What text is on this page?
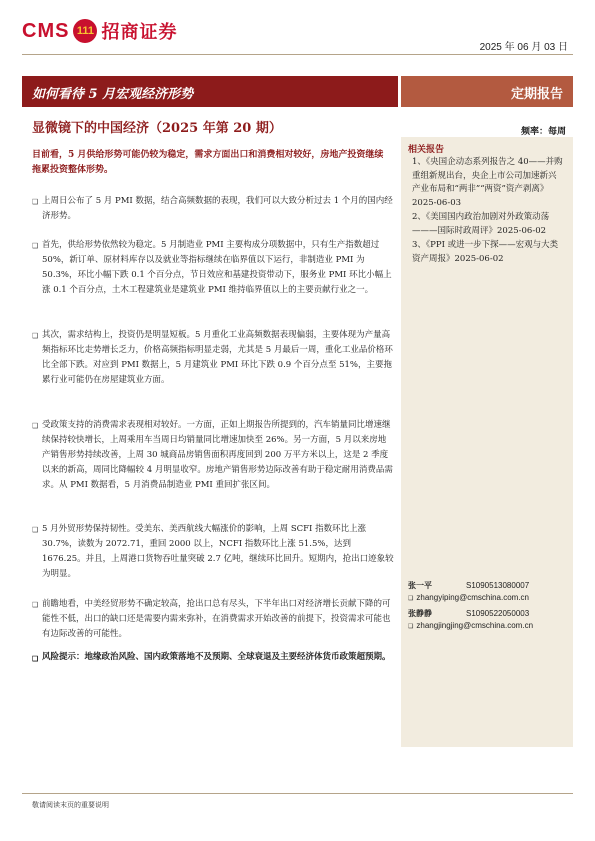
CMS 111 招商证券
2025 年 06 月 03 日
如何看待 5 月宏观经济形势	定期报告
显微镜下的中国经济（2025 年第 20 期）	频率：每周
目前看，5 月供给形势可能仍较为稳定，需求方面出口和消费相对较好，房地产投资继续拖累投资整体形势。
❑ 上周日公布了 5 月 PMI 数据，结合高频数据的表现，我们可以大致分析过去 1 个月的国内经济形势。
❑ 首先，供给形势依然较为稳定。5 月制造业 PMI 主要构成分项数据中，只有生产指数超过 50%，新订单、原材料库存以及就业等指标继续在临界值以下运行，非制造业 PMI 为 50.3%，环比小幅下跌 0.1 个百分点，节日效应和基建投资带动下，服务业 PMI 环比小幅上涨 0.1 个百分点，土木工程建筑业是建筑业 PMI 维持临界值以上的主要贡献行业之一。
❑ 其次，需求结构上，投资仍是明显短板。5 月重化工业高频数据表现偏弱，主要体现为产量高频指标环比走势增长乏力，价格高频指标明显走弱，尤其是 5 月最后一周，重化工业品价格环比全部下跌。对应到 PMI 数据上，5 月建筑业 PMI 环比下跌 0.9 个百分点至 51%，主要拖累行业可能仍在房屋建筑业方面。
❑ 受政策支持的消费需求表现相对较好。一方面，正如上期报告所提到的，汽车销量同比增速继续保持较快增长，上周乘用车当周日均销量同比增速加快至 26%。另一方面，5 月以来房地产销售形势持续改善，上周 30 城商品房销售面积再度回到 200 万平方米以上，这是 2 季度以来的新高，周同比降幅较 4 月明显收窄。房地产销售形势边际改善有助于稳定耐用消费品需求。从 PMI 数据看，5 月消费品制造业 PMI 重回扩张区间。
❑ 5 月外贸形势保持韧性。受美东、美西航线大幅涨价的影响，上周 SCFI 指数环比上涨 30.7%，读数为 2072.71，重回 2000 以上，NCFI 指数环比上涨 51.5%，达到 1676.25。并且，上周港口货物吞吐量突破 2.7 亿吨，继续环比回升。短期内，抢出口迹象较为明显。
❑ 前瞻地看，中美经贸形势不确定较高，抢出口总有尽头，下半年出口对经济增长贡献下降的可能性不低，出口的缺口还是需要内需来弥补，在消费需求开始改善的前提下，投资需求可能也有边际改善的可能性。
❑ 风险提示：地缘政治风险、国内政策落地不及预期、全球衰退及主要经济体货币政策超预期。
相关报告
1、《央国企动态系列报告之 40——并购重组新规出台，央企上市公司加速新兴产业布局和“两非”“两资”资产剥离》2025-06-03
2、《美国国内政治加剧对外政策动荡———国际时政周评》2025-06-02
3、《PPI 或进一步下探——宏观与大类资产周报》2025-06-02
张一平	S1090513080007
❑ zhangyiping@cmschina.com.cn
张静静	S1090522050003
❑ zhangjingjing@cmschina.com.cn
敬请阅读末页的重要说明
